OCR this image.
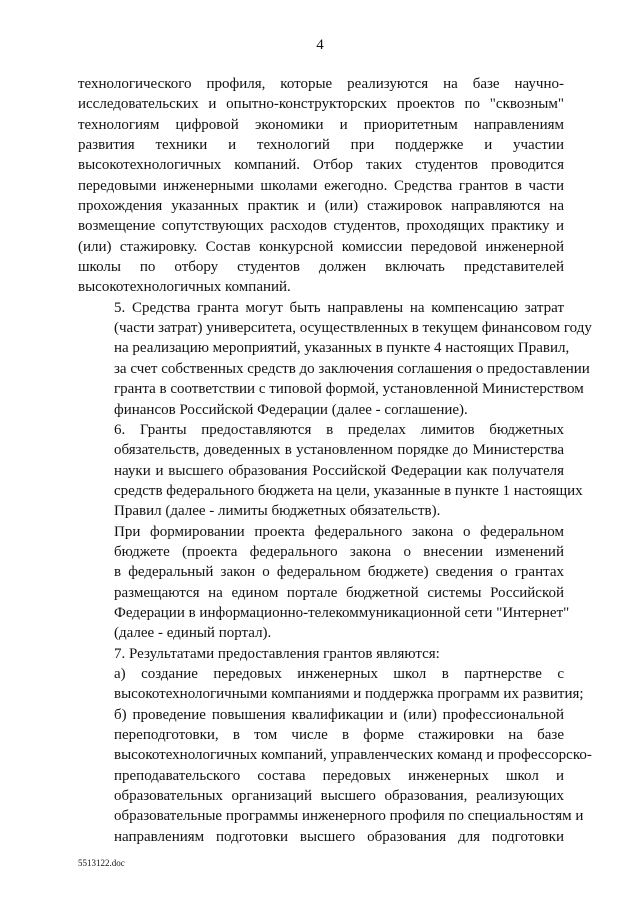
4

технологического профиля, которые реализуются на базе научно-
исследовательских и опытно-конструкторских проектов по "сквозным"
технологиям цифровой экономики и приоритетным направлениям
развития техники и технологий при поддержке и участии
высокотехнологичных компаний. Отбор таких студентов проводится
передовыми инженерными школами ежегодно. Средства грантов в части
прохождения указанных практик и (или) стажировок направляются на
возмещение сопутствующих расходов студентов, проходящих практику и
(или) стажировку. Состав конкурсной комиссии передовой инженерной
школы по отбору студентов должен включать представителей
высокотехнологичных компаний.

5. Средства гранта могут быть направлены на компенсацию затрат
(части затрат) университета, осуществленных в текущем финансовом году
на реализацию мероприятий, указанных в пункте 4 настоящих Правил,
за счет собственных средств до заключения соглашения о предоставлении
гранта в соответствии с типовой формой, установленной Министерством
финансов Российской Федерации (далее - соглашение).

6. Гранты предоставляются в пределах лимитов бюджетных
обязательств, доведенных в установленном порядке до Министерства
науки и высшего образования Российской Федерации как получателя
средств федерального бюджета на цели, указанные в пункте 1 настоящих
Правил (далее - лимиты бюджетных обязательств).

При формировании проекта федерального закона о федеральном
бюджете (проекта федерального закона о внесении изменений
в федеральный закон о федеральном бюджете) сведения о грантах
размещаются на едином портале бюджетной системы Российской
Федерации в информационно-телекоммуникационной сети "Интернет"
(далее - единый портал).

7. Результатами предоставления грантов являются:

а) создание передовых инженерных школ в партнерстве с
высокотехнологичными компаниями и поддержка программ их развития;

б) проведение повышения квалификации и (или) профессиональной
переподготовки, в том числе в форме стажировки на базе
высокотехнологичных компаний, управленческих команд и профессорско-
преподавательского состава передовых инженерных школ и
образовательных организаций высшего образования, реализующих
образовательные программы инженерного профиля по специальностям и
направлениям подготовки высшего образования для подготовки

5513122.doc
